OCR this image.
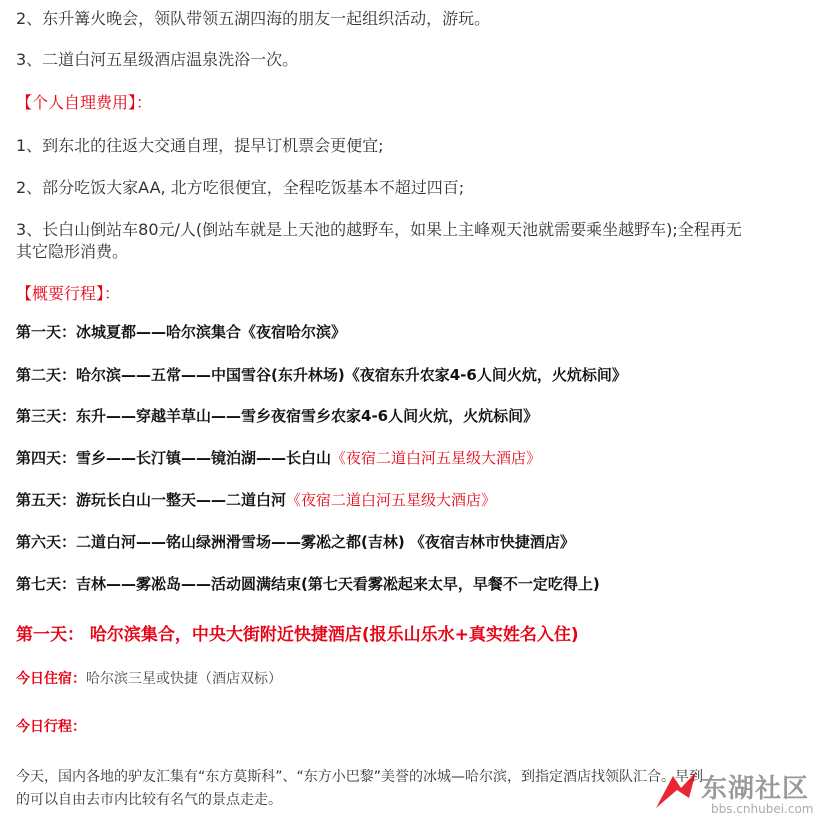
2、东升篝火晚会，领队带领五湖四海的朋友一起组织活动，游玩。
3、二道白河五星级酒店温泉洗浴一次。
【个人自理费用】：
1、到东北的往返大交通自理，提早订机票会更便宜;
2、部分吃饭大家AA, 北方吃很便宜，全程吃饭基本不超过四百;
3、长白山倒站车80元/人(倒站车就是上天池的越野车，如果上主峰观天池就需要乘坐越野车);全程再无
其它隐形消费。
【概要行程】：
第一天：冰城夏都——哈尔滨集合《夜宿哈尔滨》
第二天：哈尔滨——五常——中国雪谷(东升林场)《夜宿东升农家4-6人间火炕，火炕标间》
第三天：东升——穿越羊草山——雪乡夜宿雪乡农家4-6人间火炕，火炕标间》
第四天：雪乡——长汀镇——镜泊湖——长白山《夜宿二道白河五星级大酒店》
第五天：游玩长白山一整天——二道白河《夜宿二道白河五星级大酒店》
第六天：二道白河——铭山绿洲滑雪场——雾凇之都(吉林) 《夜宿吉林市快捷酒店》
第七天：吉林——雾凇岛——活动圆满结束(第七天看雾凇起来太早，早餐不一定吃得上)
第一天： 哈尔滨集合，中央大街附近快捷酒店(报乐山乐水+真实姓名入住)
今日住宿：哈尔滨三星或快捷（酒店双标）
今日行程：
今天，国内各地的驴友汇集有“东方莫斯科”、“东方小巴黎”美誉的冰城—哈尔滨，到指定酒店找领队汇合。早到
的可以自由去市内比较有名气的景点走走。	东湖社区
bbs.cnhubei.com
